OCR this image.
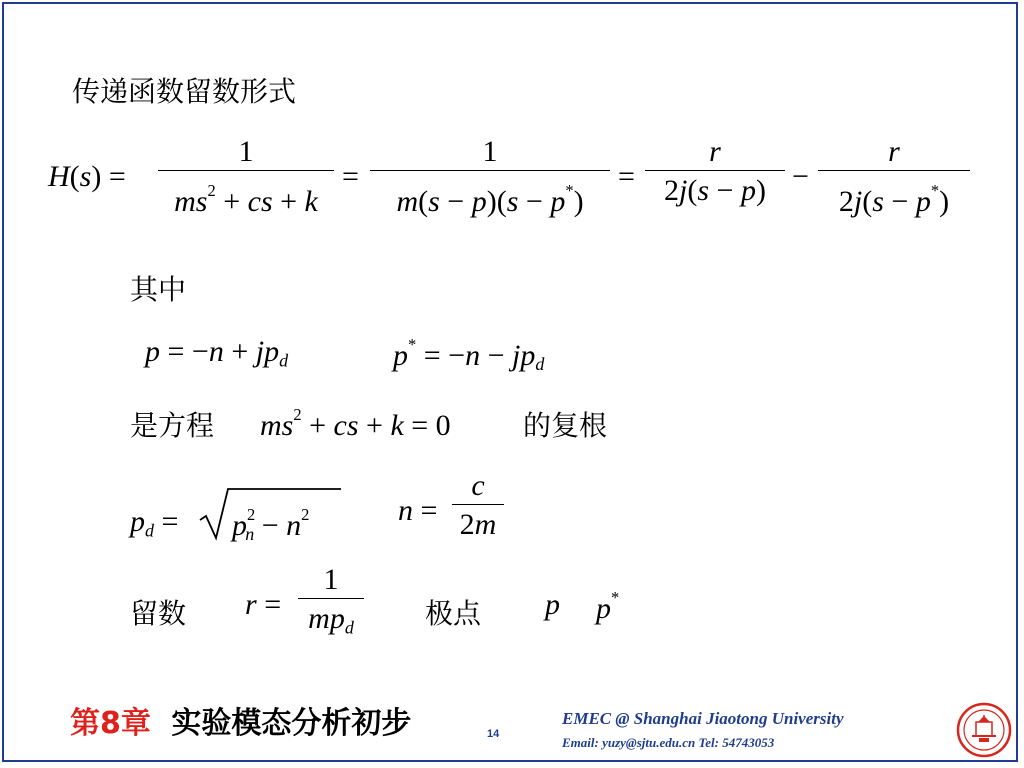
传递函数留数形式
H(s) =
1
$ms^2$ + cs + k
=
1
m(s − p)(s − p*)
=
r
2j(s − p) −
r
2j(s − p*)
其中
$p = -n + jp_d$	$p^* = -n - jp_d$
是方程 $ms^2$ + cs + k = 0	的复根
$p_d = p^2_n - n^2$	n =
c
2m
留数 r =
1
$mp_d$	极点 p p*
第8章 实验模态分析初步	14
EMEC @ Shanghai Jiaotong University
Email: yuzy@sjtu.edu.cn Tel: 54743053
